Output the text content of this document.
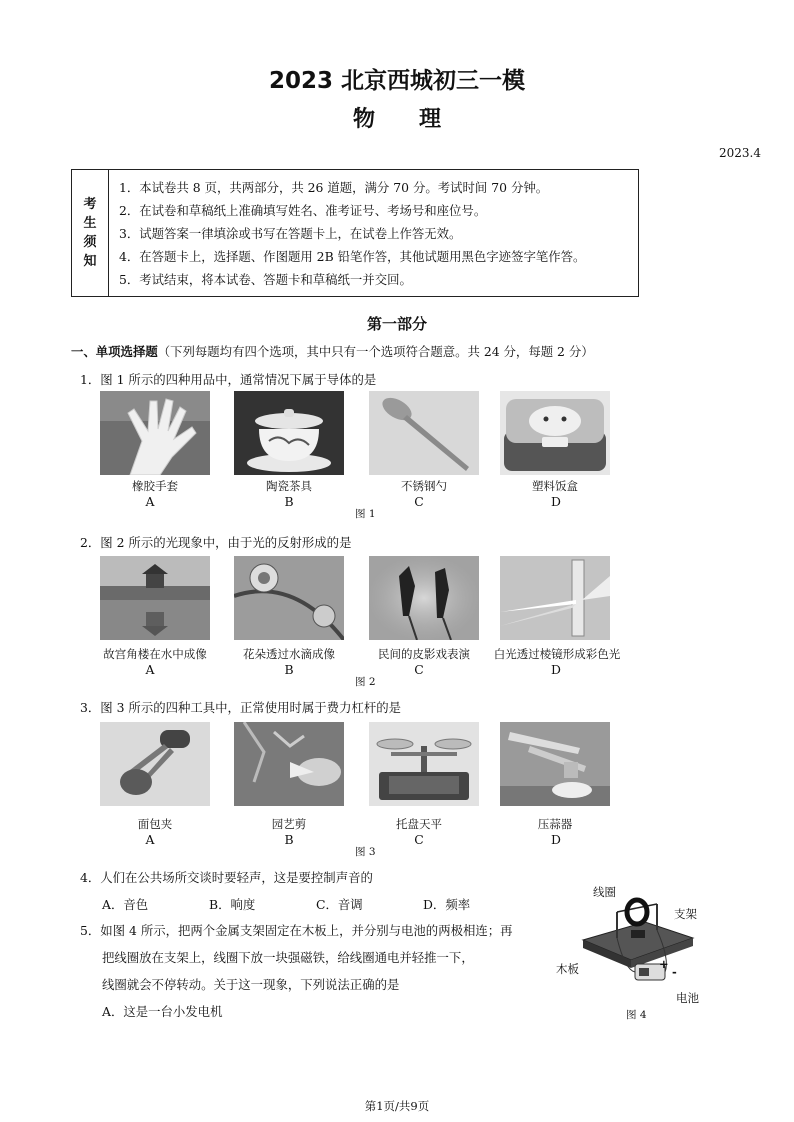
2023 北京西城初三一模
物理
2023.4
考
生
须
知
1．本试卷共 8 页，共两部分，共 26 道题，满分 70 分。考试时间 70 分钟。
2．在试卷和草稿纸上准确填写姓名、准考证号、考场号和座位号。
3．试题答案一律填涂或书写在答题卡上，在试卷上作答无效。
4．在答题卡上，选择题、作图题用 2B 铅笔作答，其他试题用黑色字迹签字笔作答。
5．考试结束，将本试卷、答题卡和草稿纸一并交回。
第一部分
一、单项选择题（下列每题均有四个选项，其中只有一个选项符合题意。共 24 分，每题 2 分）
1．图 1 所示的四种用品中，通常情况下属于导体的是
橡胶手套	陶瓷茶具	不锈钢勺	塑料饭盒
A	B	C	D
图 1
2．图 2 所示的光现象中，由于光的反射形成的是
故宫角楼在水中成像	花朵透过水滴成像	民间的皮影戏表演	白光透过棱镜形成彩色光
A	B	C	D
图 2
3．图 3 所示的四种工具中，正常使用时属于费力杠杆的是
面包夹	园艺剪	托盘天平	压蒜器
A	B	C	D
图 3
4．人们在公共场所交谈时要轻声，这是要控制声音的
A．音色	B．响度	C．音调	D．频率
5．如图 4 所示，把两个金属支架固定在木板上，并分别与电池的两极相连；再
把线圈放在支架上，线圈下放一块强磁铁，给线圈通电并轻推一下，
线圈就会不停转动。关于这一现象，下列说法正确的是
A．这是一台小发电机
线圈
支架
木板
电池
+
-
图 4
第1页/共9页
